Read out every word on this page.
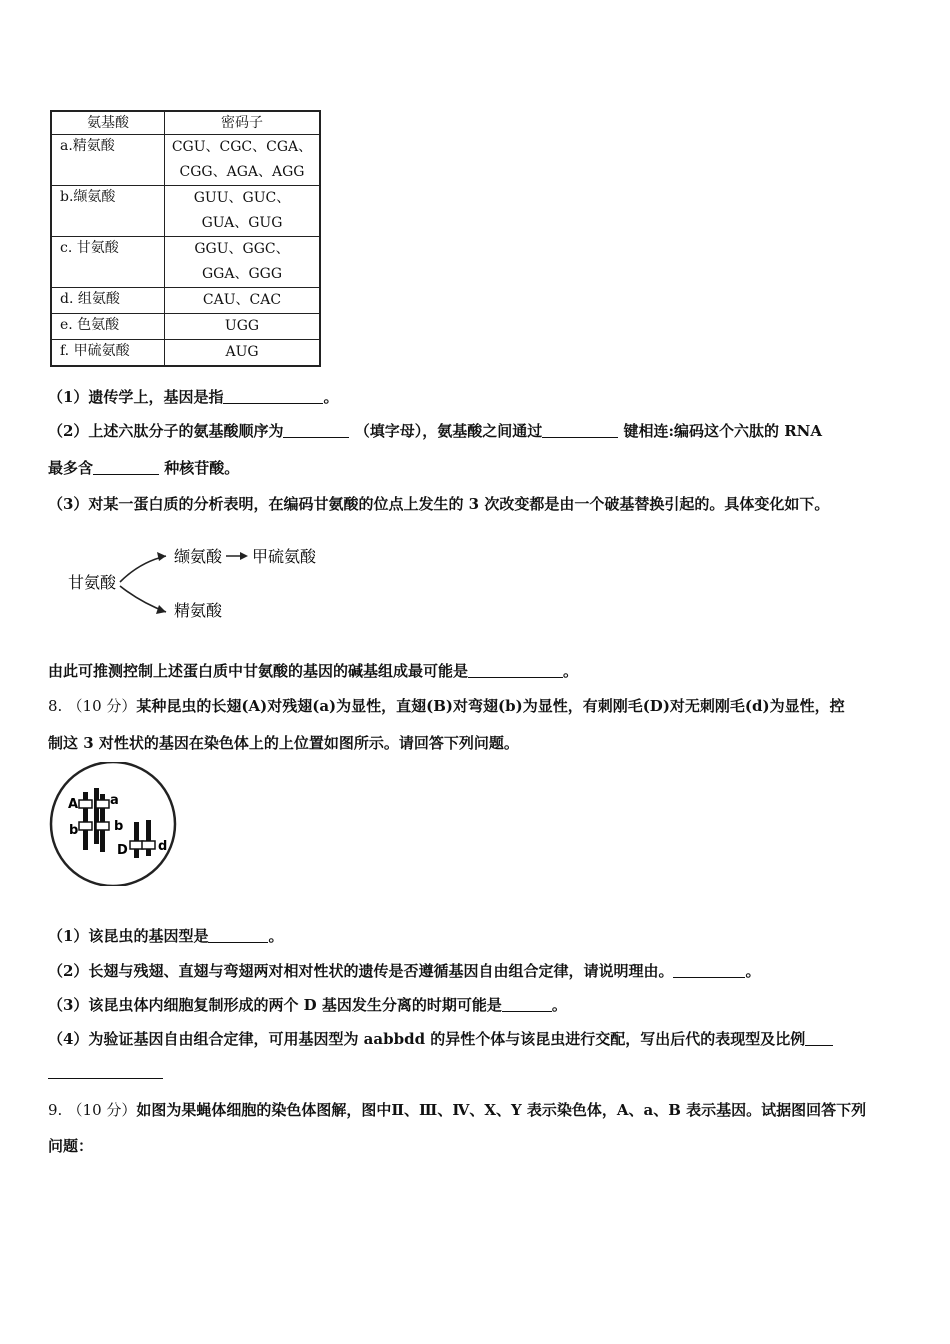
氨基酸	密码子
a.精氨酸	CGU、CGC、CGA、
CGG、AGA、AGG

b.缬氨酸	GUU、GUC、
GUA、GUG

c. 甘氨酸	GGU、GGC、
GGA、GGG

d. 组氨酸	CAU、CAC
e. 色氨酸	UGG
f. 甲硫氨酸	AUG
（1）遗传学上，基因是指	。
（2）上述六肽分子的氨基酸顺序为	（填字母），氨基酸之间通过	键相连:编码这个六肽的 RNA
最多含	种核苷酸。
（3）对某一蛋白质的分析表明，在编码甘氨酸的位点上发生的 3 次改变都是由一个破基替换引起的。具体变化如下。
甘氨酸
缬氨酸 甲硫氨酸
精氨酸
由此可推测控制上述蛋白质中甘氨酸的基因的碱基组成最可能是	。
8. （10 分）某种昆虫的长翅(A)对残翅(a)为显性，直翅(B)对弯翅(b)为显性，有刺刚毛(D)对无刺刚毛(d)为显性，控
制这 3 对性状的基因在染色体上的上位置如图所示。请回答下列问题。
A a
b	b
D d
（1）该昆虫的基因型是	。
（2）长翅与残翅、直翅与弯翅两对相对性状的遗传是否遵循基因自由组合定律，请说明理由。	。
（3）该昆虫体内细胞复制形成的两个 D 基因发生分离的时期可能是	。
（4）为验证基因自由组合定律，可用基因型为 aabbdd 的异性个体与该昆虫进行交配，写出后代的表现型及比例
9. （10 分）如图为果蝇体细胞的染色体图解，图中Ⅱ、Ⅲ、Ⅳ、X、Y 表示染色体，A、a、B 表示基因。试据图回答下列
问题：
